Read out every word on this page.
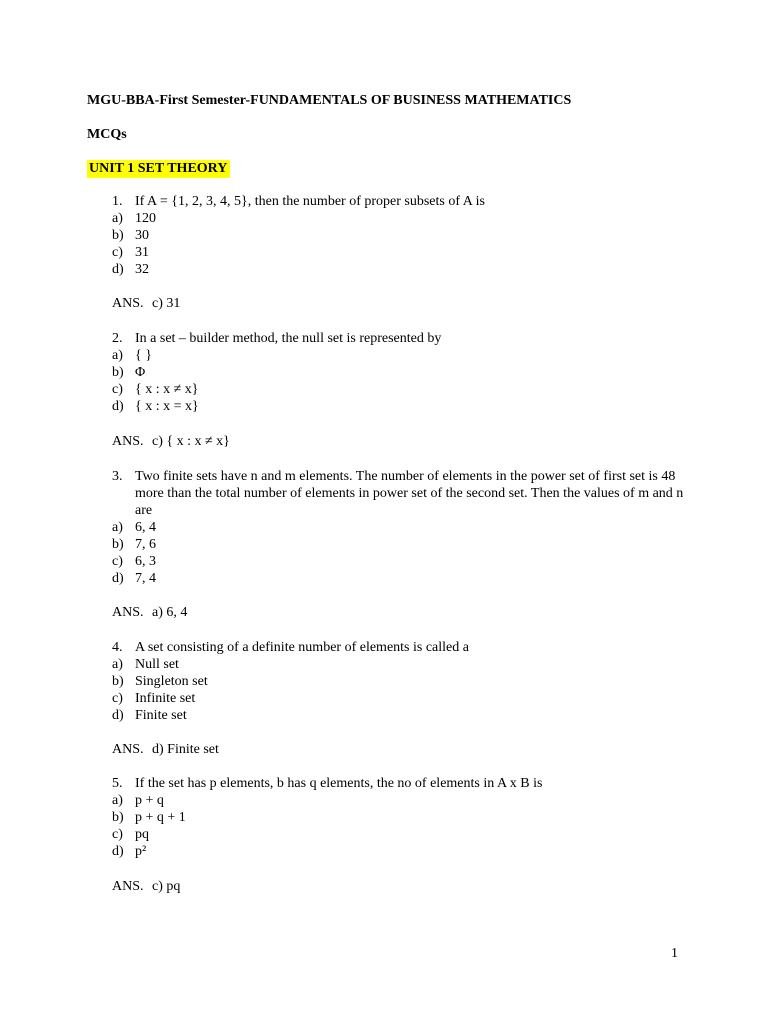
MGU-BBA-First Semester-FUNDAMENTALS OF BUSINESS MATHEMATICS
MCQs
UNIT 1 SET THEORY
1. If A = {1, 2, 3, 4, 5}, then the number of proper subsets of A is
a) 120
b) 30
c) 31
d) 32
ANS. c) 31
2. In a set – builder method, the null set is represented by
a) { }
b) Φ
c) { x : x ≠ x}
d) { x : x = x}
ANS. c) { x : x ≠ x}
3. Two finite sets have n and m elements. The number of elements in the power set of first set is 48 more than the total number of elements in power set of the second set. Then the values of m and n are
a) 6, 4
b) 7, 6
c) 6, 3
d) 7, 4
ANS. a) 6, 4
4. A set consisting of a definite number of elements is called a
a) Null set
b) Singleton set
c) Infinite set
d) Finite set
ANS. d) Finite set
5. If the set has p elements, b has q elements, the no of elements in A x B is
a) p + q
b) p + q + 1
c) pq
d) p²
ANS. c) pq
1
